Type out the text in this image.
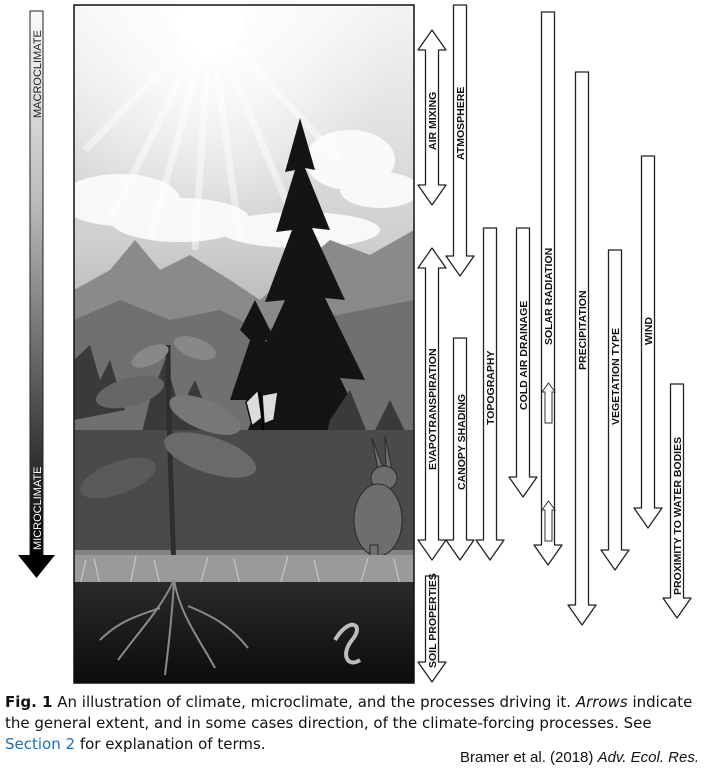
MACROCLIMATE
MICROCLIMATE
AIR MIXING ATMOSPHERE
EVAPOTRANSPIRATION
SOIL PROPERTIES
CANOPY SHADING
TOPOGRAPHY COLD AIR DRAINAGE
SOLAR RADIATION PRECIPITATION VEGETATION TYPE WIND
PROXIMITY TO WATER BODIES
Fig. 1 An illustration of climate, microclimate, and the processes driving it. Arrows indicate the general extent, and in some cases direction, of the climate-forcing processes. See Section 2 for explanation of terms.
Bramer et al. (2018) Adv. Ecol. Res.
